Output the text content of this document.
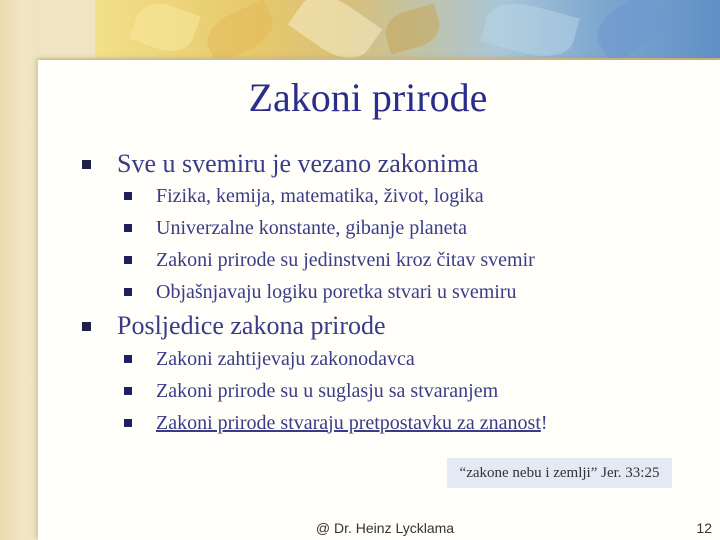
Zakoni prirode
Sve u svemiru je vezano zakonima
Fizika, kemija, matematika, život, logika
Univerzalne konstante, gibanje planeta
Zakoni prirode su jedinstveni kroz čitav svemir
Objašnjavaju logiku poretka stvari u svemiru
Posljedice zakona prirode
Zakoni zahtijevaju zakonodavca
Zakoni prirode su u suglasju sa stvaranjem
Zakoni prirode stvaraju pretpostavku za znanost !
“zakone nebu i zemlji” Jer. 33:25
@ Dr. Heinz Lycklama	12
